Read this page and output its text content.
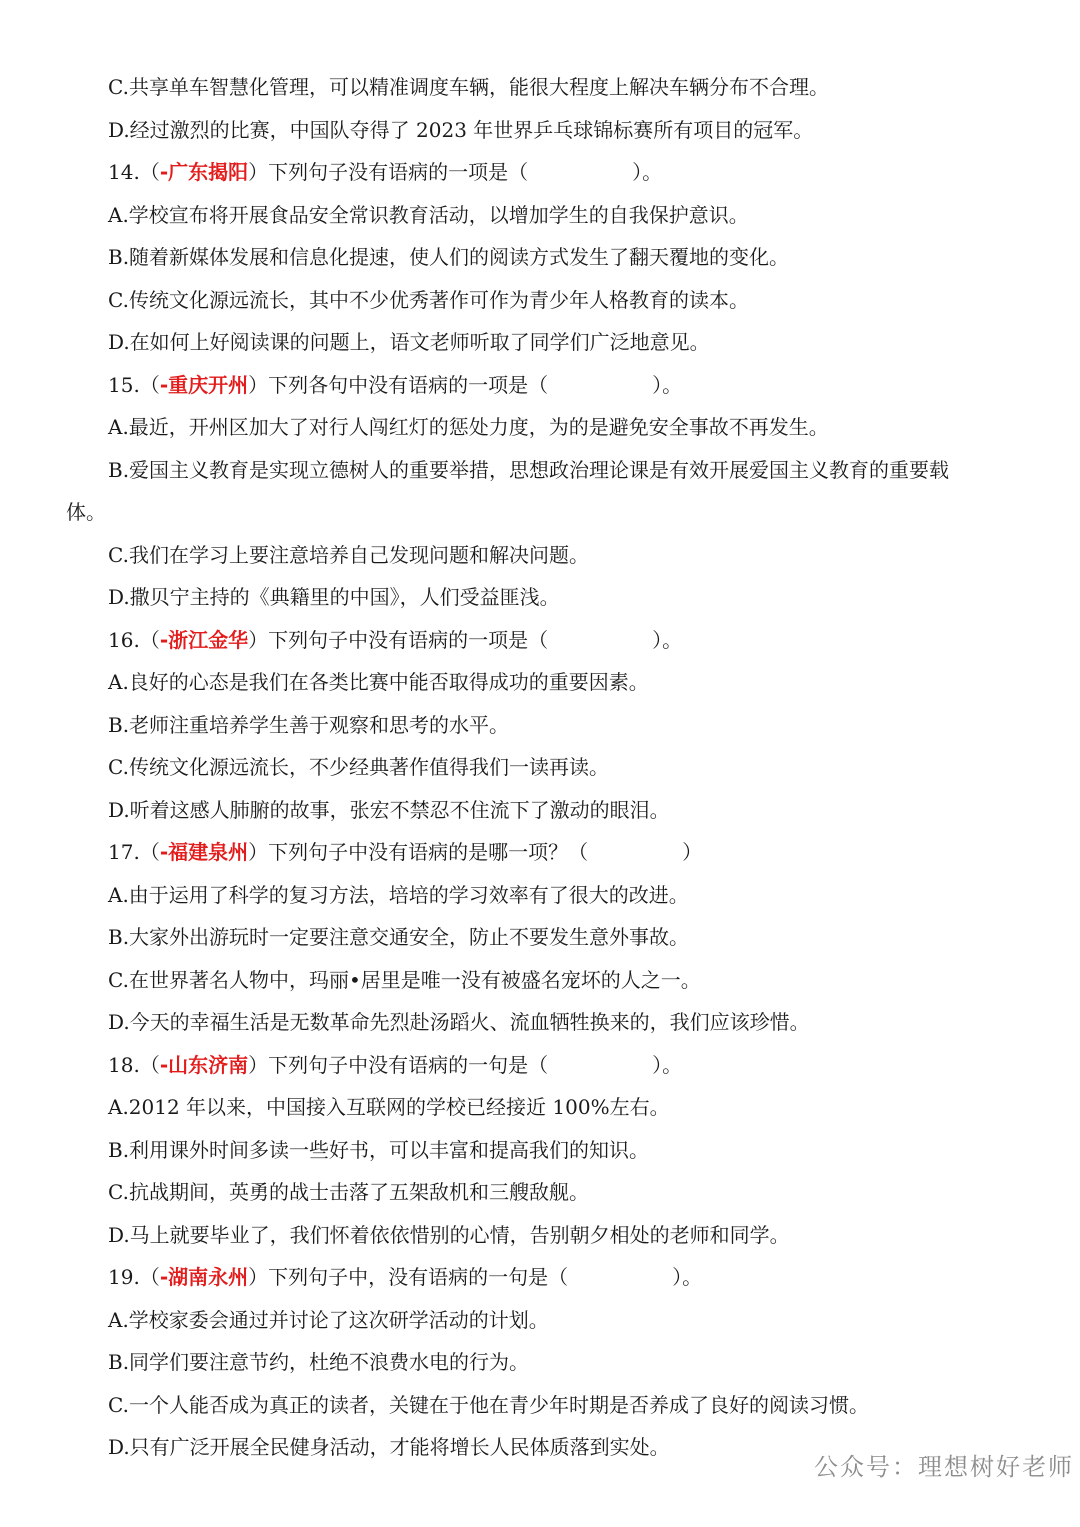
C.共享单车智慧化管理，可以精准调度车辆，能很大程度上解决车辆分布不合理。
D.经过激烈的比赛，中国队夺得了 2023 年世界乒乓球锦标赛所有项目的冠军。
14.（-广东揭阳）下列句子没有语病的一项是（	）。
A.学校宣布将开展食品安全常识教育活动，以增加学生的自我保护意识。
B.随着新媒体发展和信息化提速，使人们的阅读方式发生了翻天覆地的变化。
C.传统文化源远流长，其中不少优秀著作可作为青少年人格教育的读本。
D.在如何上好阅读课的问题上，语文老师听取了同学们广泛地意见。
15.（-重庆开州）下列各句中没有语病的一项是（	）。
A.最近，开州区加大了对行人闯红灯的惩处力度，为的是避免安全事故不再发生。
B.爱国主义教育是实现立德树人的重要举措，思想政治理论课是有效开展爱国主义教育的重要载
体。
C.我们在学习上要注意培养自己发现问题和解决问题。
D.撒贝宁主持的《典籍里的中国》，人们受益匪浅。
16.（-浙江金华）下列句子中没有语病的一项是（	）。
A.良好的心态是我们在各类比赛中能否取得成功的重要因素。
B.老师注重培养学生善于观察和思考的水平。
C.传统文化源远流长，不少经典著作值得我们一读再读。
D.听着这感人肺腑的故事，张宏不禁忍不住流下了激动的眼泪。
17.（-福建泉州）下列句子中没有语病的是哪一项？（	）
A.由于运用了科学的复习方法，培培的学习效率有了很大的改进。
B.大家外出游玩时一定要注意交通安全，防止不要发生意外事故。
C.在世界著名人物中，玛丽•居里是唯一没有被盛名宠坏的人之一。
D.今天的幸福生活是无数革命先烈赴汤蹈火、流血牺牲换来的，我们应该珍惜。
18.（-山东济南）下列句子中没有语病的一句是（	）。
A.2012 年以来，中国接入互联网的学校已经接近 100%左右。
B.利用课外时间多读一些好书，可以丰富和提高我们的知识。
C.抗战期间，英勇的战士击落了五架敌机和三艘敌舰。
D.马上就要毕业了，我们怀着依依惜别的心情，告别朝夕相处的老师和同学。
19.（-湖南永州）下列句子中，没有语病的一句是（	）。
A.学校家委会通过并讨论了这次研学活动的计划。
B.同学们要注意节约，杜绝不浪费水电的行为。
C.一个人能否成为真正的读者，关键在于他在青少年时期是否养成了良好的阅读习惯。
D.只有广泛开展全民健身活动，才能将增长人民体质落到实处。
公众号：理想树好老师
